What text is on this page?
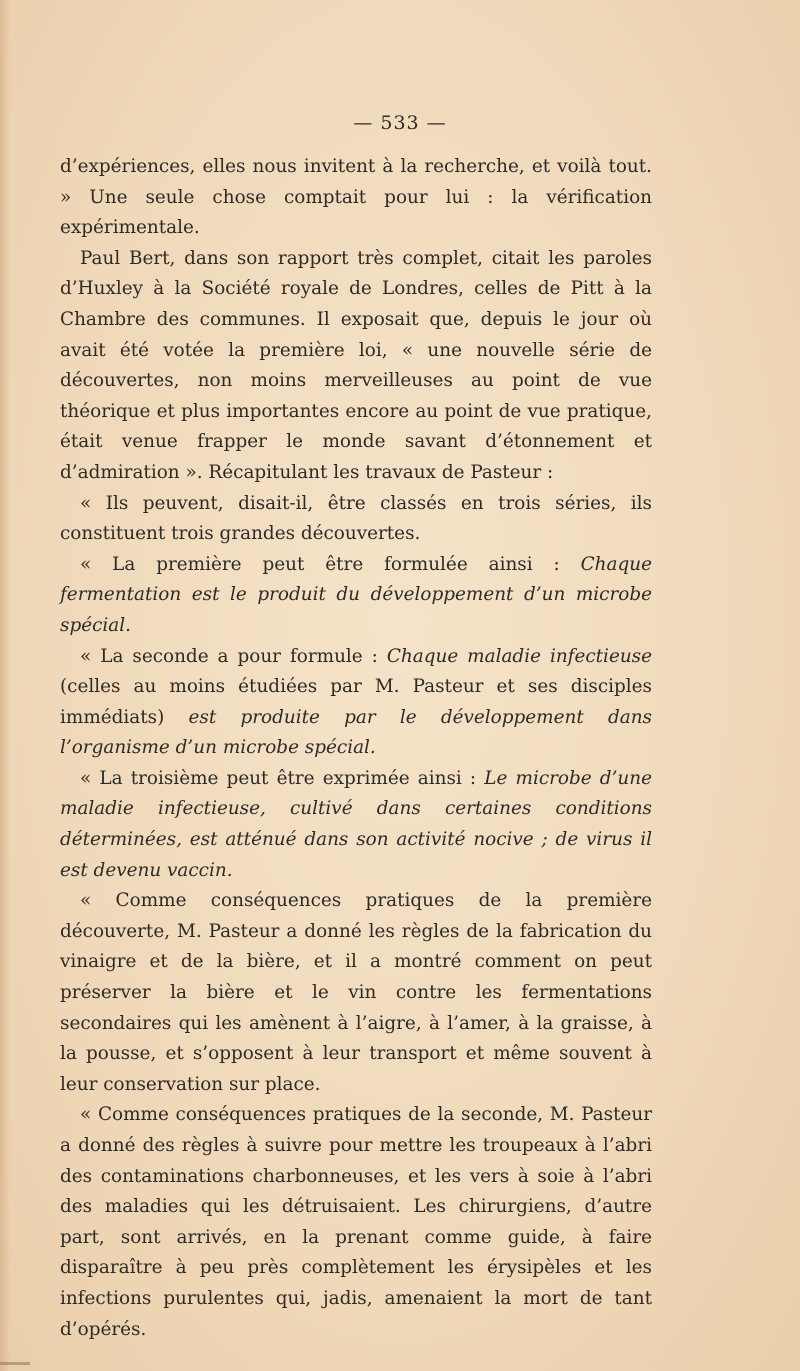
— 533 —

d’expériences, elles nous invitent à la recherche, et voilà tout. » Une seule chose comptait pour lui : la vérification expérimentale.

Paul Bert, dans son rapport très complet, citait les paroles d’Huxley à la Société royale de Londres, celles de Pitt à la Chambre des communes. Il exposait que, depuis le jour où avait été votée la première loi, « une nouvelle série de découvertes, non moins merveilleuses au point de vue théorique et plus importantes encore au point de vue pratique, était venue frapper le monde savant d’étonnement et d’admiration ». Récapitulant les travaux de Pasteur :

« Ils peuvent, disait-il, être classés en trois séries, ils constituent trois grandes découvertes.

« La première peut être formulée ainsi : Chaque fermentation est le produit du développement d’un microbe spécial.

« La seconde a pour formule : Chaque maladie infectieuse (celles au moins étudiées par M. Pasteur et ses disciples immédiats) est produite par le développement dans l’organisme d’un microbe spécial.

« La troisième peut être exprimée ainsi : Le microbe d’une maladie infectieuse, cultivé dans certaines conditions déterminées, est atténué dans son activité nocive ; de virus il est devenu vaccin.

« Comme conséquences pratiques de la première découverte, M. Pasteur a donné les règles de la fabrication du vinaigre et de la bière, et il a montré comment on peut préserver la bière et le vin contre les fermentations secondaires qui les amènent à l’aigre, à l’amer, à la graisse, à la pousse, et s’opposent à leur transport et même souvent à leur conservation sur place.

« Comme conséquences pratiques de la seconde, M. Pasteur a donné des règles à suivre pour mettre les troupeaux à l’abri des contaminations charbonneuses, et les vers à soie à l’abri des maladies qui les détruisaient. Les chirurgiens, d’autre part, sont arrivés, en la prenant comme guide, à faire disparaître à peu près complètement les érysipèles et les infections purulentes qui, jadis, amenaient la mort de tant d’opérés.
